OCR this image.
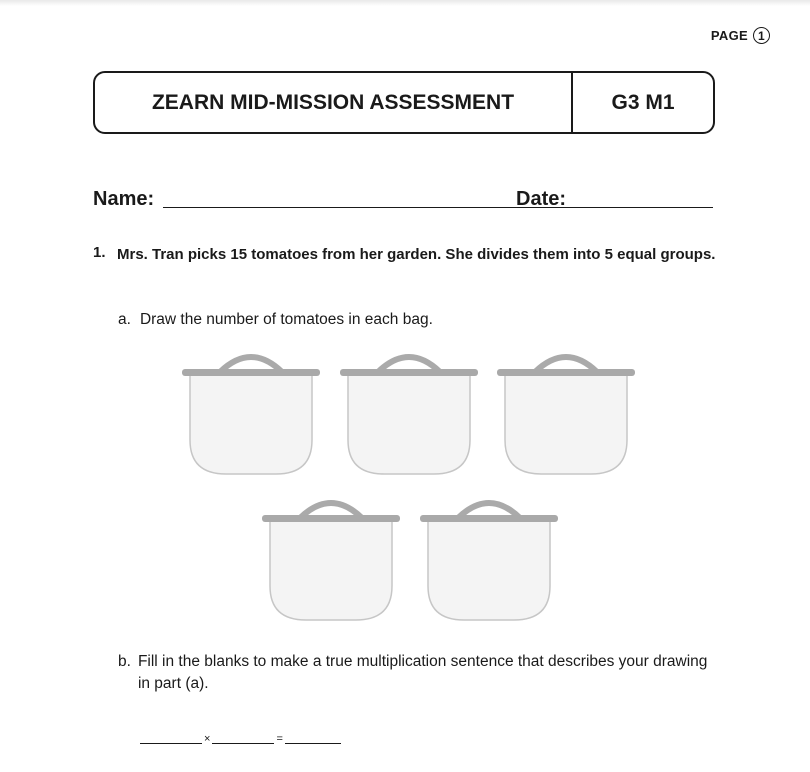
PAGE 1
ZEARN MID-MISSION ASSESSMENT	G3 M1
Name:	Date:
1. Mrs. Tran picks 15 tomatoes from her garden. She divides them into 5 equal groups.
a. Draw the number of tomatoes in each bag.
b. Fill in the blanks to make a true multiplication sentence that describes your drawing in part (a).
×	=
